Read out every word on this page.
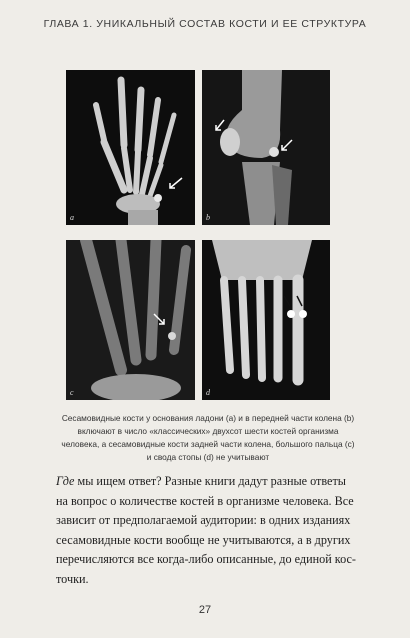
ГЛАВА 1. УНИКАЛЬНЫЙ СОСТАВ КОСТИ И ЕЕ СТРУКТУРА
a	b
c	d
Сесамовидные кости у основания ладони (a) и в передней части колена (b)
включают в число «классических» двухсот шести костей организма
человека, а сесамовидные кости задней части колена, большого пальца (c)
и свода стопы (d) не учитывают

Где мы ищем ответ? Разные книги дадут разные ответы

на вопрос о количестве костей в организме человека. Все

зависит от предполагаемой аудитории: в одних изданиях

сесамовидные кости вообще не учитываются, а в других

перечисляются все когда-либо описанные, до единой кос-

точки.

27
